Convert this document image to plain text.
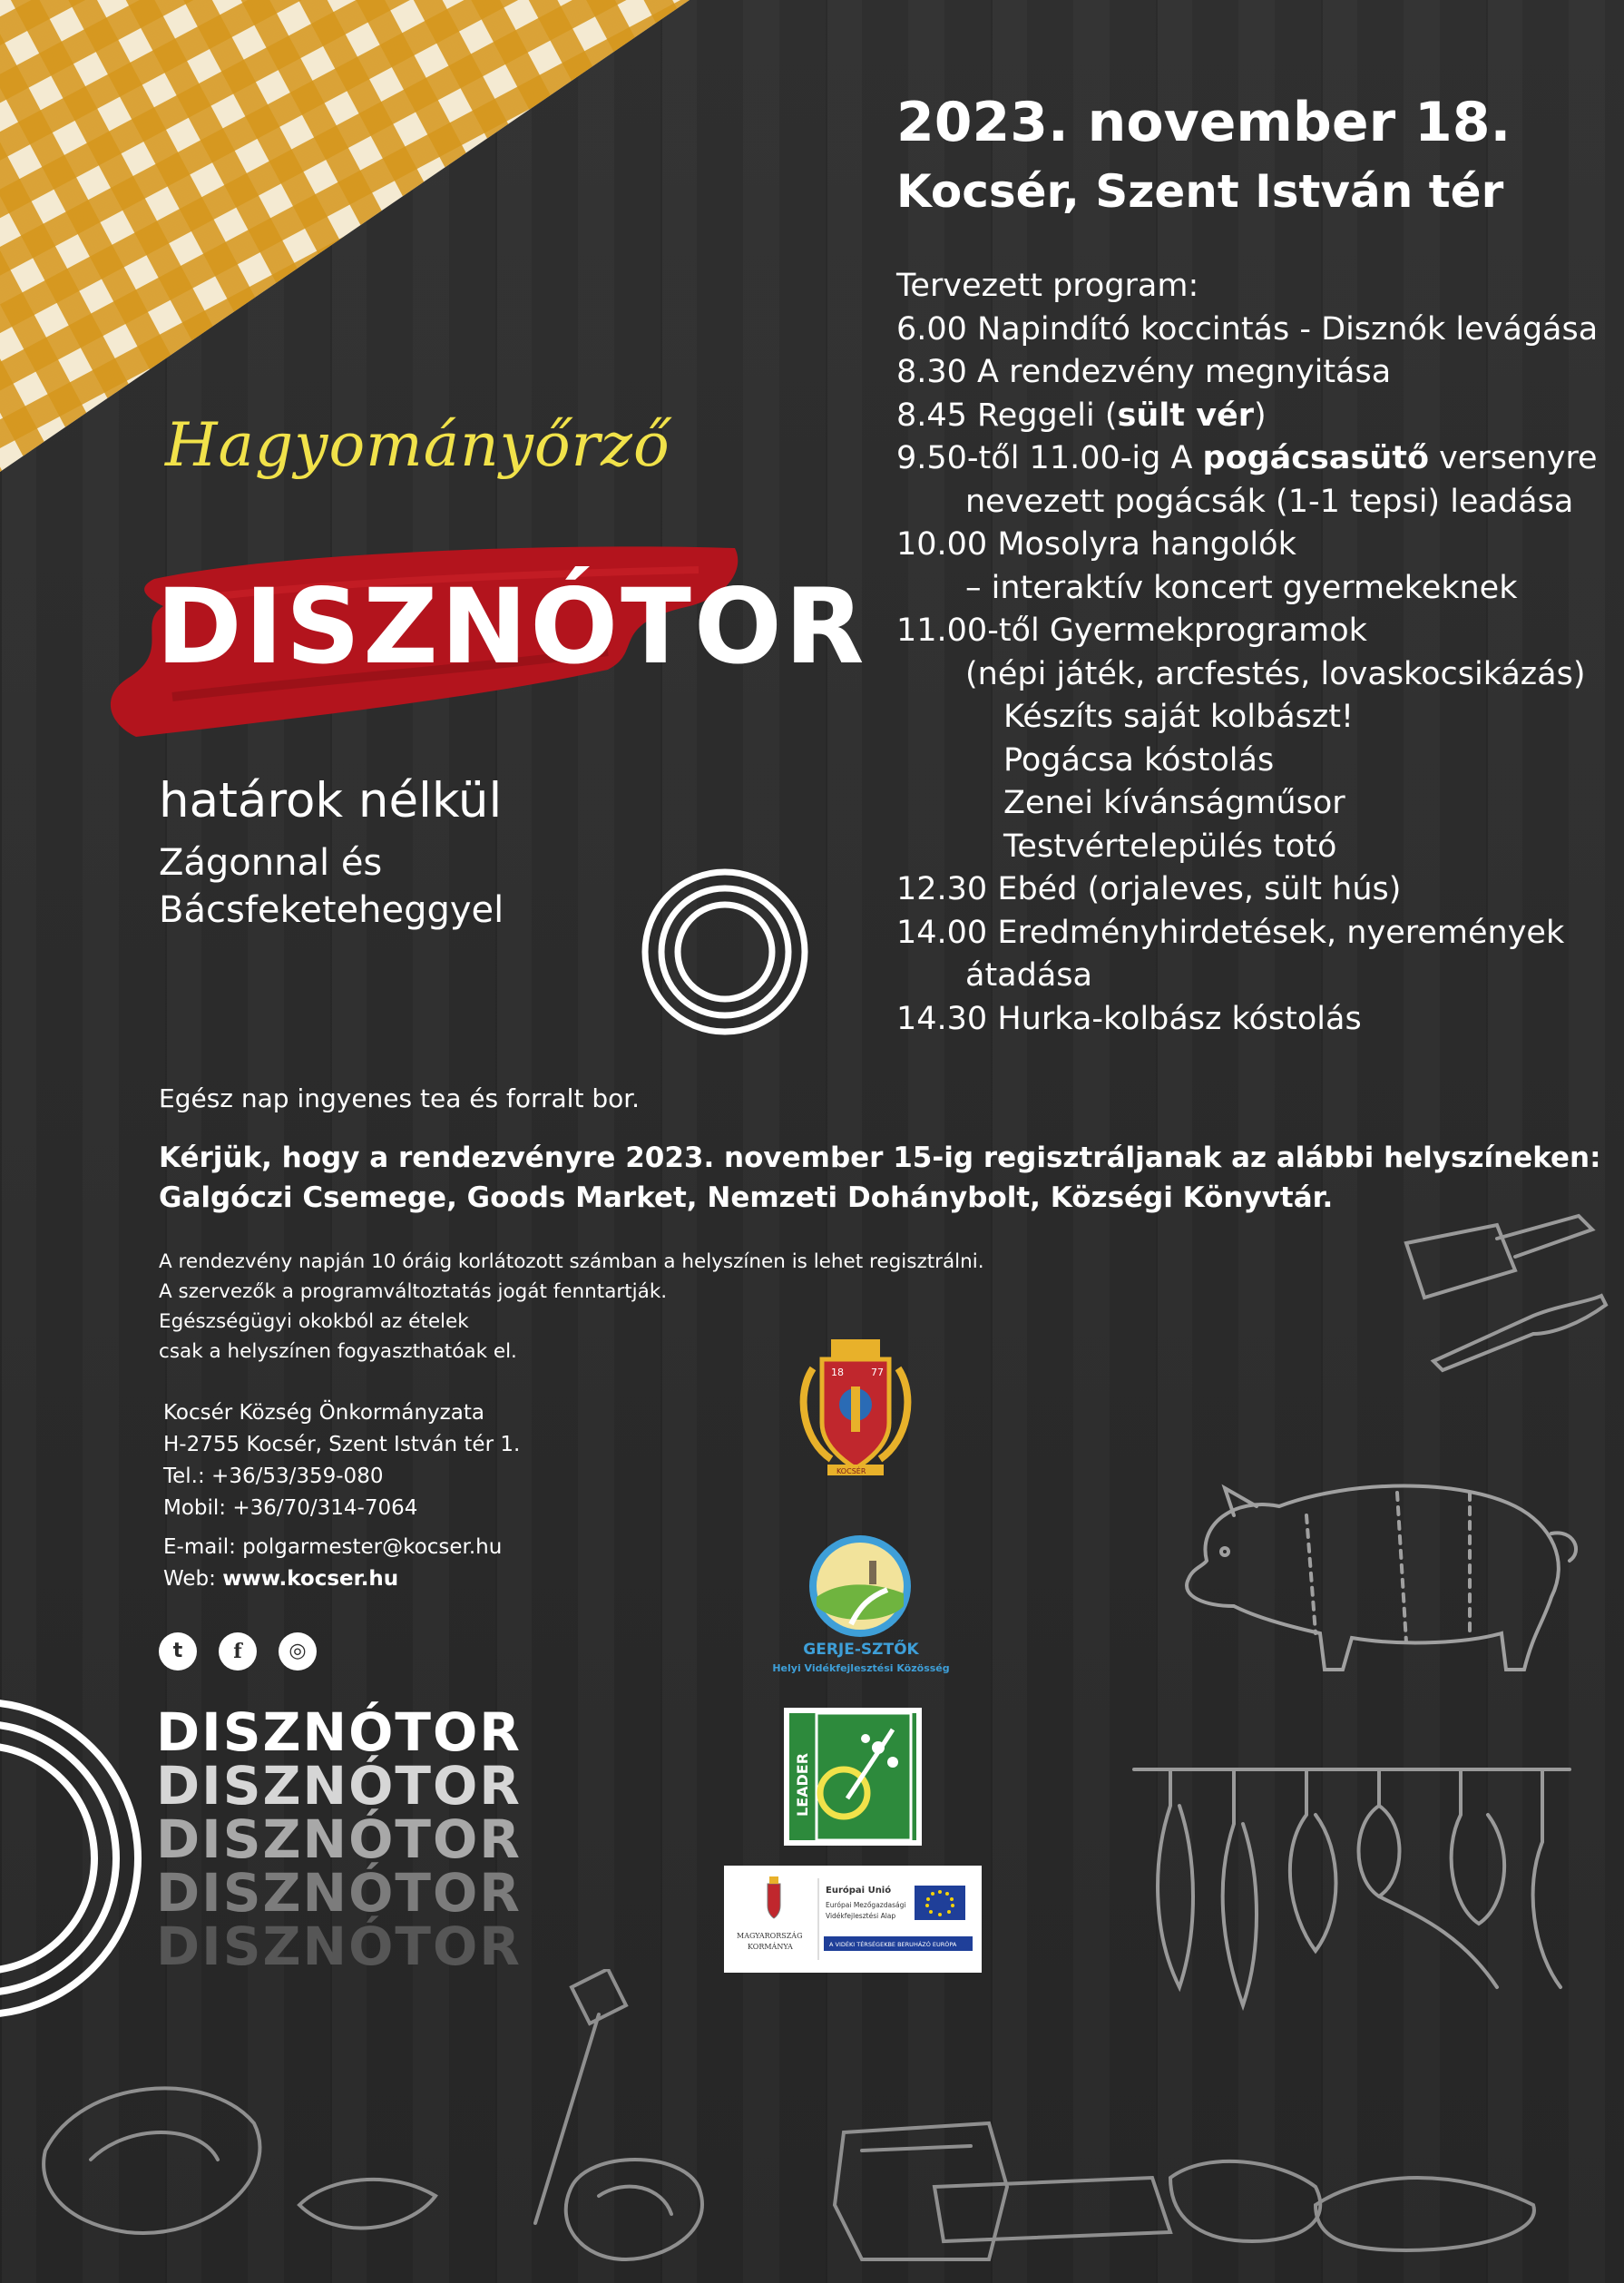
2023. november 18.
Kocsér, Szent István tér
Tervezett program:
6.00 Napindító koccintás - Disznók levágása
8.30 A rendezvény megnyitása
8.45 Reggeli (sült vér)
9.50-től 11.00-ig A pogácsasütő versenyre
nevezett pogácsák (1-1 tepsi) leadása
10.00 Mosolyra hangolók
– interaktív koncert gyermekeknek
11.00-től Gyermekprogramok
(népi játék, arcfestés, lovaskocsikázás)
Készíts saját kolbászt!
Pogácsa kóstolás
Zenei kívánságműsor
Testvértelepülés totó
12.30 Ebéd (orjaleves, sült hús)
14.00 Eredményhirdetések, nyeremények
átadása
14.30 Hurka-kolbász kóstolás
Hagyományőrző
DISZNÓTOR
határok nélkül
Zágonnal és
Bácsfeketeheggyel
Egész nap ingyenes tea és forralt bor.
Kérjük, hogy a rendezvényre 2023. november 15-ig regisztráljanak az alábbi helyszíneken:
Galgóczi Csemege, Goods Market, Nemzeti Dohánybolt, Községi Könyvtár.
A rendezvény napján 10 óráig korlátozott számban a helyszínen is lehet regisztrálni.
A szervezők a programváltoztatás jogát fenntartják.
Egészségügyi okokból az ételek
csak a helyszínen fogyaszthatóak el.
Kocsér Község Önkormányzata
H-2755 Kocsér, Szent István tér 1.
Tel.: +36/53/359-080
Mobil: +36/70/314-7064
E-mail: polgarmester@kocser.hu
Web: www.kocser.hu
t	f	◎
DISZNÓTOR
DISZNÓTOR
DISZNÓTOR
DISZNÓTOR
DISZNÓTOR
18	77
KOCSÉR
GERJE-SZTŐK
Helyi Vidékfejlesztési Közösség
LEADER
MAGYARORSZÁG
KORMÁNYA
Európai Unió
Európai Mezőgazdasági
Vidékfejlesztési Alap
A VIDÉKI TÉRSÉGEKBE BERUHÁZÓ EURÓPA
